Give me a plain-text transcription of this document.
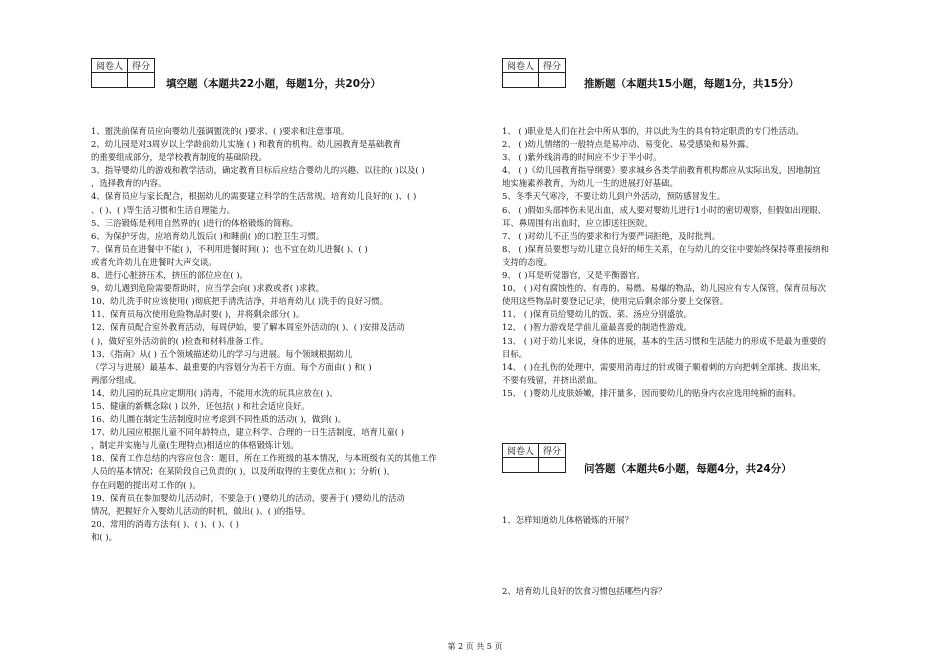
阅卷人	得分

填空题（本题共22小题，每题1分，共20分）
1、盥洗前保育员应向婴幼儿强调盥洗的( )要求、( )要求和注意事项。
2、幼儿园是对3周岁以上学龄前幼儿实施 ( ) 和教育的机构。幼儿园教育是基础教育
的重要组成部分，是学校教育制度的基础阶段。
3、指导婴幼儿的游戏和教学活动，确定教育目标后应结合婴幼儿的兴趣、以往的( )以及( )
，选择教育的内容。
4、保育员应与家长配合，根据幼儿的需要建立科学的生活常规。培育幼儿良好的( )、( )
、( )、( )等生活习惯和生活自理能力。
5、三浴锻炼是利用自然界的( )进行的体格锻炼的简称。
6、为保护牙齿，应培育幼儿饭后( )和睡前( )的口腔卫生习惯。
7、保育员在进餐中不能( )，不利用进餐时间( )；也不宜在幼儿进餐( )、( )
或者允许幼儿在进餐时大声交谈。
8、进行心脏挤压术，挤压的部位应在( )。
9、幼儿遇到危险需要帮助时，应当学会向( )求救或者( )求救。
10、幼儿洗手时应该使用( )彻底把手清洗洁净，并培育幼儿( )洗手的良好习惯。
11、保育员每次使用危险物品时要( )，并将剩余部分( )。
12、保育员配合室外教育活动，每周伊始，要了解本周室外活动的( )、( )安排及活动
( )，做好室外活动前的( )检查和材料准备工作。
13、《指南》从( ) 五个领域描述幼儿的学习与进展。每个领域根据幼儿
（学习与进展）最基本、最重要的内容划分为若干方面。每个方面由( ) 和( )
两部分组成。
14、幼儿园的玩具应定期用( )消毒，不能用水洗的玩具应放在( )。
15、健康的新概念除( ) 以外，还包括( ) 和社会适应良好。
16、幼儿圜在制定生活制度时应考虑到不同性质的活动( )，做到( )。
17、幼儿园应根据儿童不同年龄特点，建立科学、合理的一日生活制度，培育儿童( )
，制定并实施与儿童(生理特点)相适应的体格锻炼计划。
18、保育工作总结的内容应包含：题目，所在工作班级的基本情况，与本班级有关的其他工作
人员的基本情况；在某阶段自己负责的( )，以及所取得的主要优点和( )；分析( )，
存在问题的提出对工作的( )。
19、保育员在参加婴幼儿活动时，不要急于( )婴幼儿的活动，要善于( )婴幼儿的活动
情况，把握好介入婴幼儿活动的时机，做出( )、( )的指导。
20、常用的消毒方法有( )、( )、( )、( )
和( )。
阅卷人	得分

推断题（本题共15小题，每题1分，共15分）
1、 ( )职业是人们在社会中所从事的，并以此为生的具有特定职责的专门性活动。
2、 ( )幼儿情绪的一般特点是易冲动、易变化、易受感染和易外露。
3、 ( )紫外线消毒的时间应不少于半小时。
4、 ( )《幼儿园教育指导纲要》要求城乡各类学前教育机构都应从实际出发，因地制宜
地实施素养教育，为幼儿一生的进展打好基础。
5、冬季天气寒冷，不要让幼儿到户外活动，预防感冒发生。
6、 ( )假如头部摔伤未见出血，成人要对婴幼儿进行1小时的密切观察，但假如出现眼、
耳、鼻周围有出血时，应立即送往医院。
7、 ( )对幼儿不正当的要求和行为要严词拒绝，及时批判。
8、 ( )保育员要想与幼儿建立良好的师生关系，在与幼儿的交往中要始终保持尊重接纳和
支持的态度。
9、 ( )耳是听觉器官，又是平衡器官。
10、 ( )对有腐蚀性的、有毒的、易燃、易爆的物品，幼儿园应有专人保管，保育员每次
使用这些物品时要登记记录，使用完后剩余部分要上交保管。
11、 ( )保育员给婴幼儿的饭、菜、汤应分别盛放。
12、 ( )智力游戏是学前儿童最喜爱的制造性游戏。
13、 ( )对于幼儿来说，身体的进展，基本的生活习惯和生活能力的形成不是最为重要的
目标。
14、 ( )在扎伤的处理中，需要用消毒过的针或镊子顺着刺的方向把刺全部挑、拨出来，
不要有残留，并挤出淤血。
15、 ( )婴幼儿皮肤娇嫩，排汗量多，因而要幼儿的贴身内衣应选用纯棉的面料。
阅卷人	得分

问答题（本题共6小题，每题4分，共24分）
1、怎样知道幼儿体格锻炼的开展？
2、培育幼儿良好的饮食习惯包括哪些内容？
第 2 页 共 5 页
